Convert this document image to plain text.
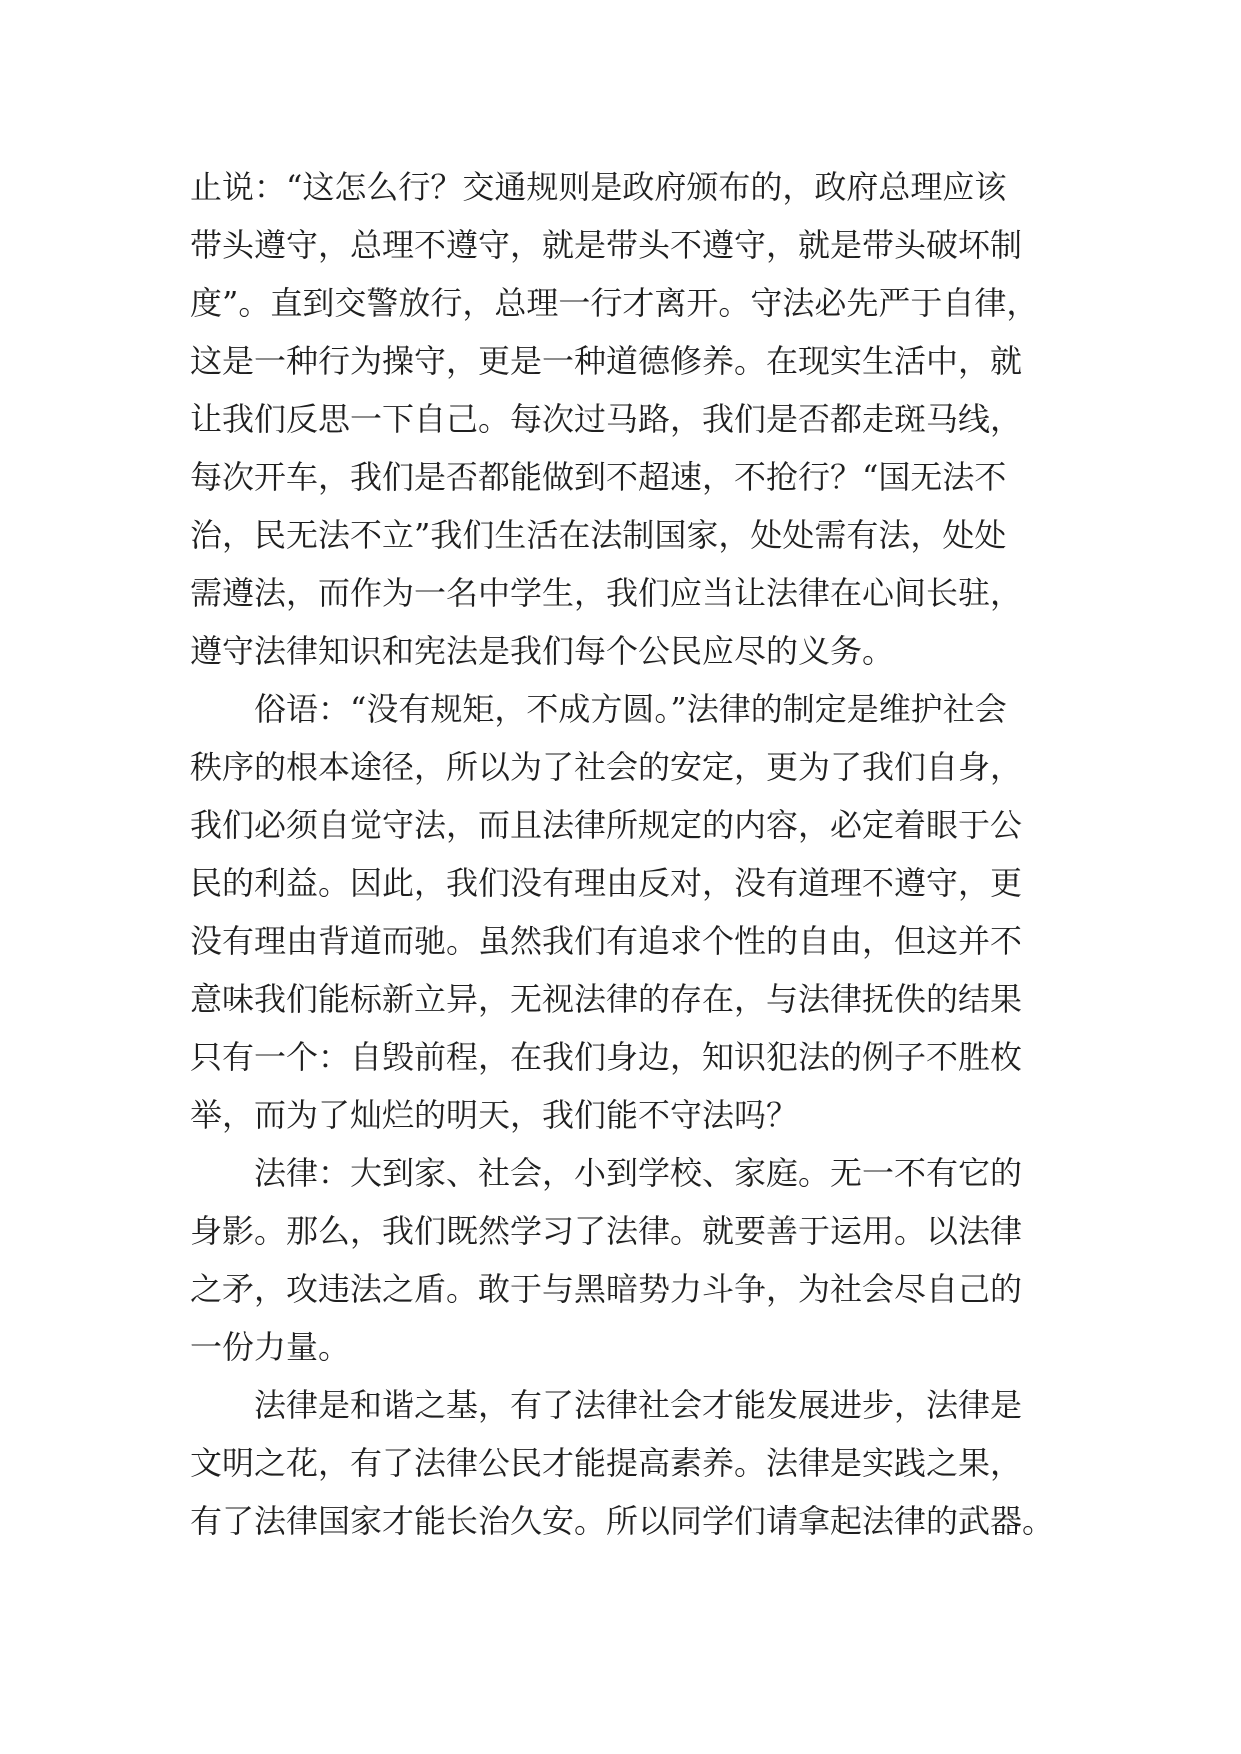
止说：“这怎么行？交通规则是政府颁布的，政府总理应该
带头遵守，总理不遵守，就是带头不遵守，就是带头破坏制
度”。直到交警放行，总理一行才离开。守法必先严于自律，
这是一种行为操守，更是一种道德修养。在现实生活中，就
让我们反思一下自己。每次过马路，我们是否都走斑马线，
每次开车，我们是否都能做到不超速，不抢行？“国无法不
治，民无法不立”我们生活在法制国家，处处需有法，处处
需遵法，而作为一名中学生，我们应当让法律在心间长驻，
遵守法律知识和宪法是我们每个公民应尽的义务。
俗语：“没有规矩，不成方圆。”法律的制定是维护社会
秩序的根本途径，所以为了社会的安定，更为了我们自身，
我们必须自觉守法，而且法律所规定的内容，必定着眼于公
民的利益。因此，我们没有理由反对，没有道理不遵守，更
没有理由背道而驰。虽然我们有追求个性的自由，但这并不
意味我们能标新立异，无视法律的存在，与法律抚佚的结果
只有一个：自毁前程，在我们身边，知识犯法的例子不胜枚
举，而为了灿烂的明天，我们能不守法吗？
法律：大到家、社会，小到学校、家庭。无一不有它的
身影。那么，我们既然学习了法律。就要善于运用。以法律
之矛，攻违法之盾。敢于与黑暗势力斗争，为社会尽自己的
一份力量。
法律是和谐之基，有了法律社会才能发展进步，法律是
文明之花，有了法律公民才能提高素养。法律是实践之果，
有了法律国家才能长治久安。所以同学们请拿起法律的武器。
